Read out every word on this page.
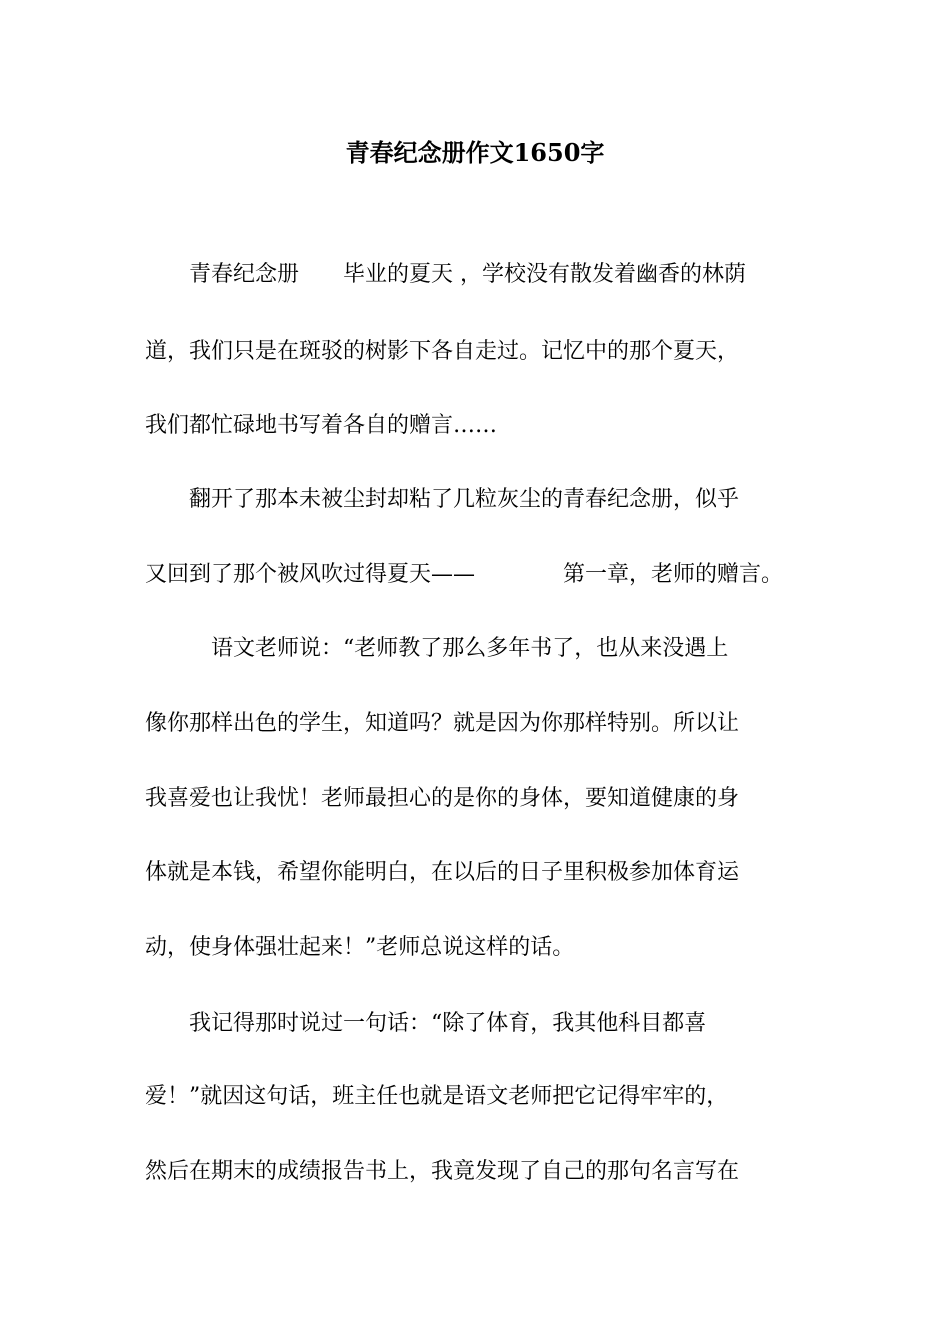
青春纪念册作文1650字
　　青春纪念册　　毕业的夏天 ，学校没有散发着幽香的林荫
道，我们只是在斑驳的树影下各自走过。记忆中的那个夏天，
我们都忙碌地书写着各自的赠言……
　　翻开了那本未被尘封却粘了几粒灰尘的青春纪念册，似乎
又回到了那个被风吹过得夏天——　　　　第一章，老师的赠言。
　　　语文老师说：“老师教了那么多年书了，也从来没遇上
像你那样出色的学生，知道吗？就是因为你那样特别。所以让
我喜爱也让我忧！老师最担心的是你的身体，要知道健康的身
体就是本钱，希望你能明白，在以后的日子里积极参加体育运
动，使身体强壮起来！”老师总说这样的话。
　　我记得那时说过一句话：“除了体育，我其他科目都喜
爱！”就因这句话，班主任也就是语文老师把它记得牢牢的，
然后在期末的成绩报告书上，我竟发现了自己的那句名言写在
